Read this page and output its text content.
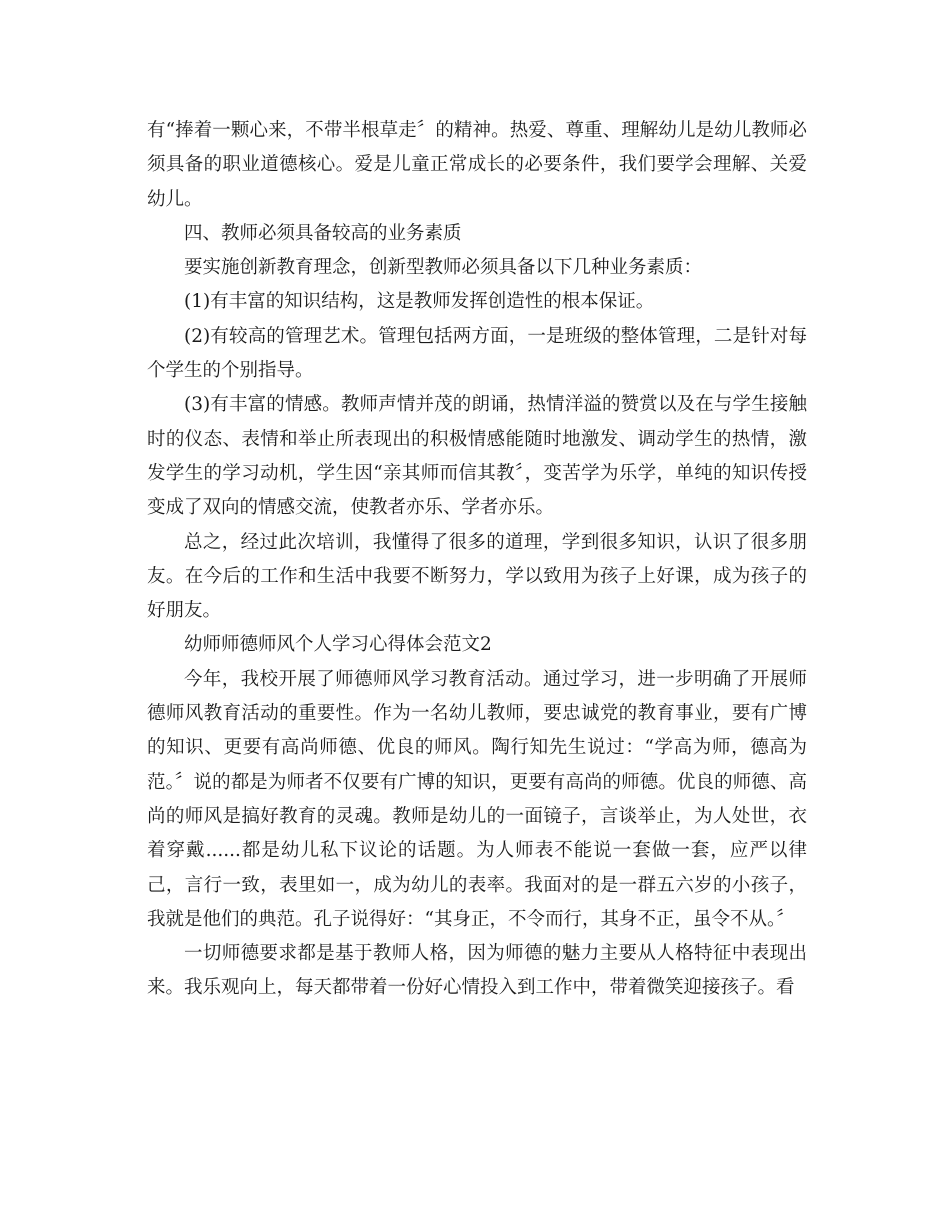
有“捧着一颗心来，不带半根草走〞的精神。热爱、尊重、理解幼儿是幼儿教师必须具备的职业道德核心。爱是儿童正常成长的必要条件，我们要学会理解、关爱幼儿。

四、教师必须具备较高的业务素质

要实施创新教育理念，创新型教师必须具备以下几种业务素质：

(1)有丰富的知识结构，这是教师发挥创造性的根本保证。

(2)有较高的管理艺术。管理包括两方面，一是班级的整体管理，二是针对每个学生的个别指导。

(3)有丰富的情感。教师声情并茂的朗诵，热情洋溢的赞赏以及在与学生接触时的仪态、表情和举止所表现出的积极情感能随时地激发、调动学生的热情，激发学生的学习动机，学生因“亲其师而信其教〞，变苦学为乐学，单纯的知识传授变成了双向的情感交流，使教者亦乐、学者亦乐。

总之，经过此次培训，我懂得了很多的道理，学到很多知识，认识了很多朋友。在今后的工作和生活中我要不断努力，学以致用为孩子上好课，成为孩子的好朋友。

幼师师德师风个人学习心得体会范文2

今年，我校开展了师德师风学习教育活动。通过学习，进一步明确了开展师德师风教育活动的重要性。作为一名幼儿教师，要忠诚党的教育事业，要有广博的知识、更要有高尚师德、优良的师风。陶行知先生说过：“学高为师，德高为范。〞说的都是为师者不仅要有广博的知识，更要有高尚的师德。优良的师德、高尚的师风是搞好教育的灵魂。教师是幼儿的一面镜子，言谈举止，为人处世，衣着穿戴......都是幼儿私下议论的话题。为人师表不能说一套做一套，应严以律己，言行一致，表里如一，成为幼儿的表率。我面对的是一群五六岁的小孩子，我就是他们的典范。孔子说得好：“其身正，不令而行，其身不正，虽令不从。〞

一切师德要求都是基于教师人格，因为师德的魅力主要从人格特征中表现出来。我乐观向上，每天都带着一份好心情投入到工作中，带着微笑迎接孩子。看
